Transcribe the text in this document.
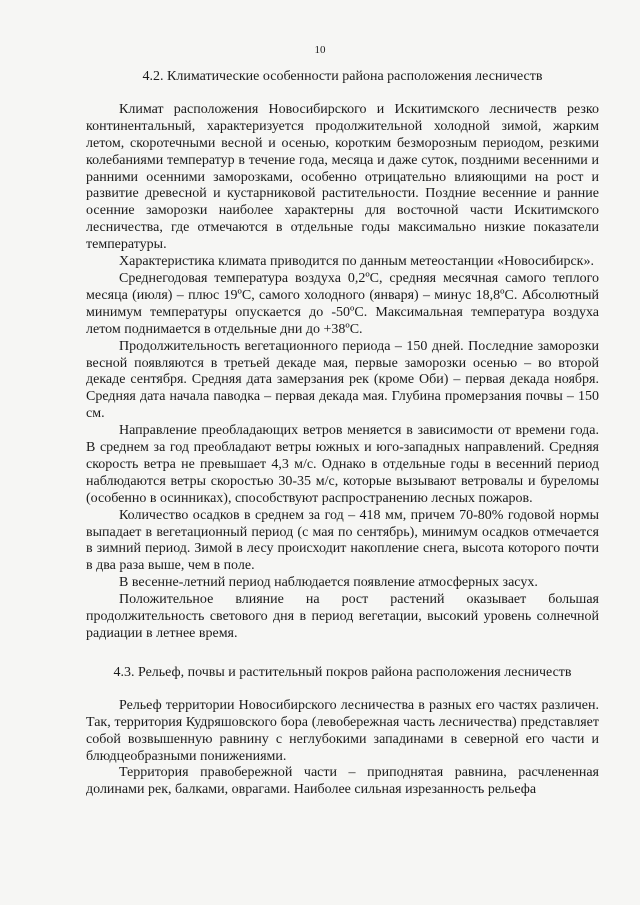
10
4.2. Климатические особенности района расположения лесничеств

Климат расположения Новосибирского и Искитимского лесничеств резко континентальный, характеризуется продолжительной холодной зимой, жарким летом, скоротечными весной и осенью, коротким безморозным периодом, резкими колебаниями температур в течение года, месяца и даже суток, поздними весенними и ранними осенними заморозками, особенно отрицательно влияющими на рост и развитие древесной и кустарниковой растительности. Поздние весенние и ранние осенние заморозки наиболее характерны для восточной части Искитимского лесничества, где отмечаются в отдельные годы максимально низкие показатели температуры.

Характеристика климата приводится по данным метеостанции «Новосибирск».

Среднегодовая температура воздуха 0,2ºС, средняя месячная самого теплого месяца (июля) – плюс 19ºС, самого холодного (января) – минус 18,8ºС. Абсолютный минимум температуры опускается до -50ºС. Максимальная температура воздуха летом поднимается в отдельные дни до +38ºС.

Продолжительность вегетационного периода – 150 дней. Последние заморозки весной появляются в третьей декаде мая, первые заморозки осенью – во второй декаде сентября. Средняя дата замерзания рек (кроме Оби) – первая декада ноября. Средняя дата начала паводка – первая декада мая. Глубина промерзания почвы – 150 см.

Направление преобладающих ветров меняется в зависимости от времени года. В среднем за год преобладают ветры южных и юго-западных направлений. Средняя скорость ветра не превышает 4,3 м/с. Однако в отдельные годы в весенний период наблюдаются ветры скоростью 30-35 м/с, которые вызывают ветровалы и буреломы (особенно в осинниках), способствуют распространению лесных пожаров.

Количество осадков в среднем за год – 418 мм, причем 70-80% годовой нормы выпадает в вегетационный период (с мая по сентябрь), минимум осадков отмечается в зимний период. Зимой в лесу происходит накопление снега, высота которого почти в два раза выше, чем в поле.

В весенне-летний период наблюдается появление атмосферных засух.

Положительное влияние на рост растений оказывает большая продолжительность светового дня в период вегетации, высокий уровень солнечной радиации в летнее время.

4.3. Рельеф, почвы и растительный покров района расположения лесничеств

Рельеф территории Новосибирского лесничества в разных его частях различен. Так, территория Кудряшовского бора (левобережная часть лесничества) представляет собой возвышенную равнину с неглубокими западинами в северной его части и блюдцеобразными понижениями.

Территория правобережной части – приподнятая равнина, расчлененная долинами рек, балками, оврагами. Наиболее сильная изрезанность рельефа
